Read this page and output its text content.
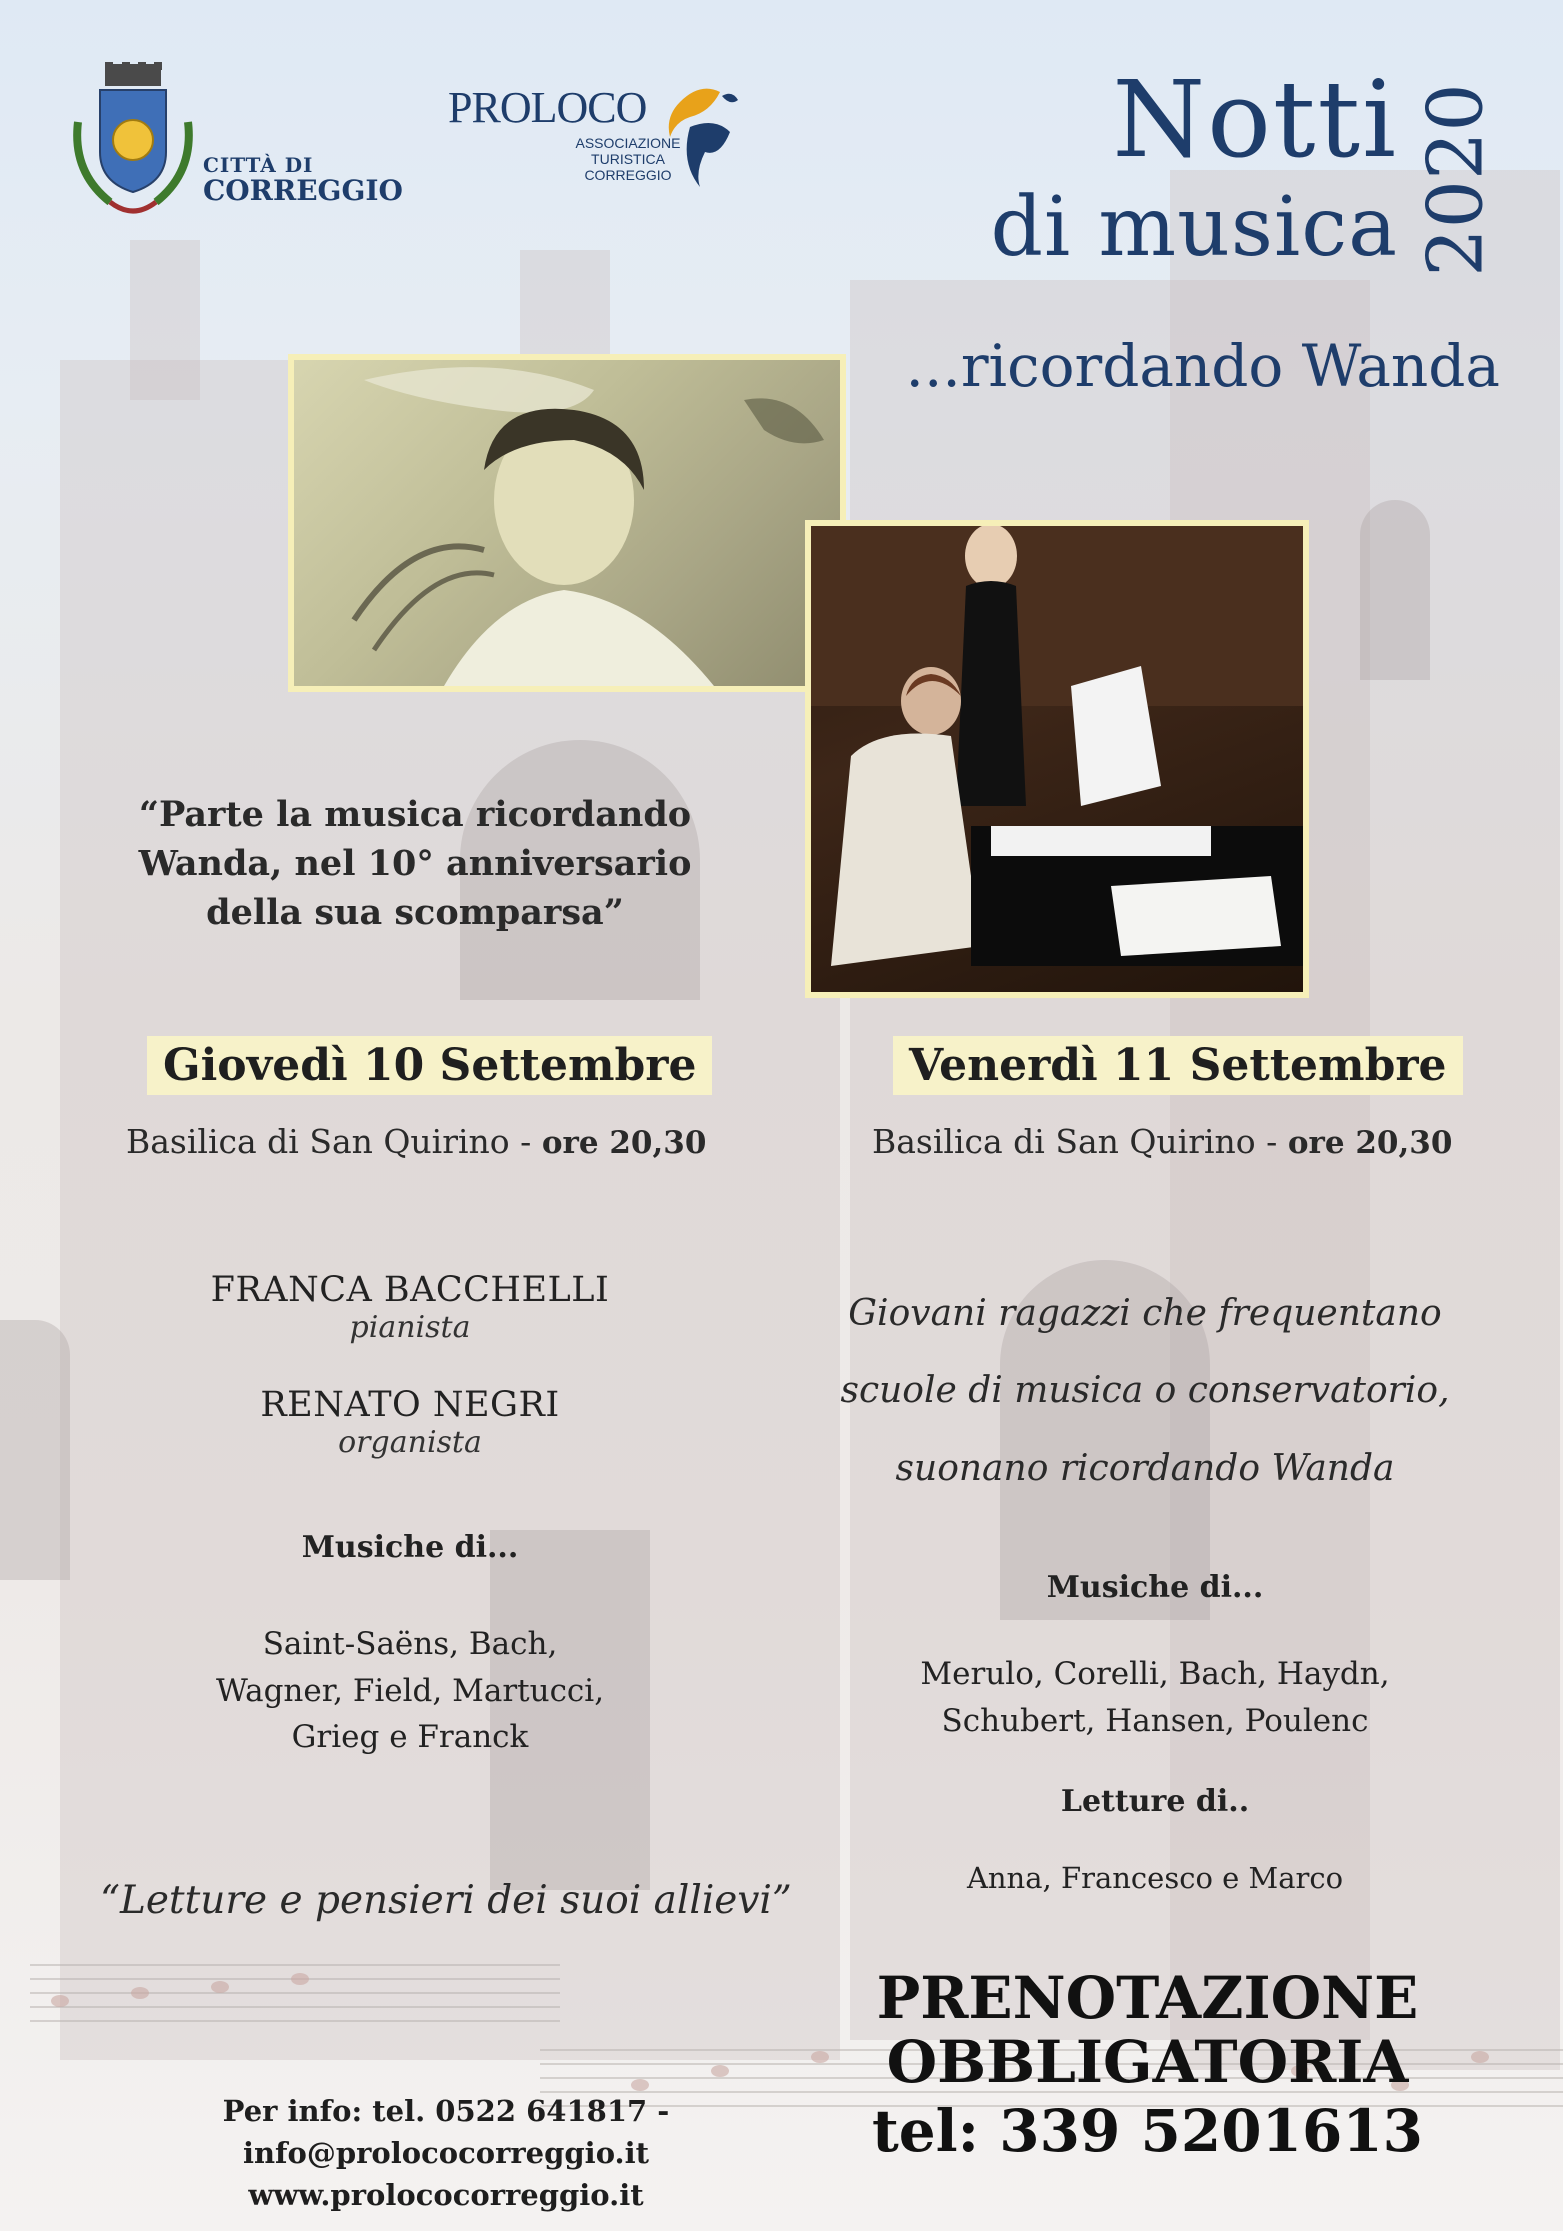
CITTÀ DI
CORREGGIO
PROLOCO
ASSOCIAZIONE
TURISTICA
CORREGGIO	Notti
di musica 2020
...ricordando Wanda
“Parte la musica ricordando
Wanda, nel 10° anniversario
della sua scomparsa”
Giovedì 10 Settembre
Basilica di San Quirino - ore 20,30
FRANCA BACCHELLI
pianista
RENATO NEGRI
organista
Musiche di...
Saint-Saëns, Bach,
Wagner, Field, Martucci,
Grieg e Franck
“Letture e pensieri dei suoi allievi”
Venerdì 11 Settembre
Basilica di San Quirino - ore 20,30
Giovani ragazzi che frequentano
scuole di musica o conservatorio,
suonano ricordando Wanda
Musiche di...
Merulo, Corelli, Bach, Haydn,
Schubert, Hansen, Poulenc
Letture di..
Anna, Francesco e Marco
PRENOTAZIONE
OBBLIGATORIA
tel: 339 5201613
Per info: tel. 0522 641817 - info@prolococorreggio.it
www.prolococorreggio.it
